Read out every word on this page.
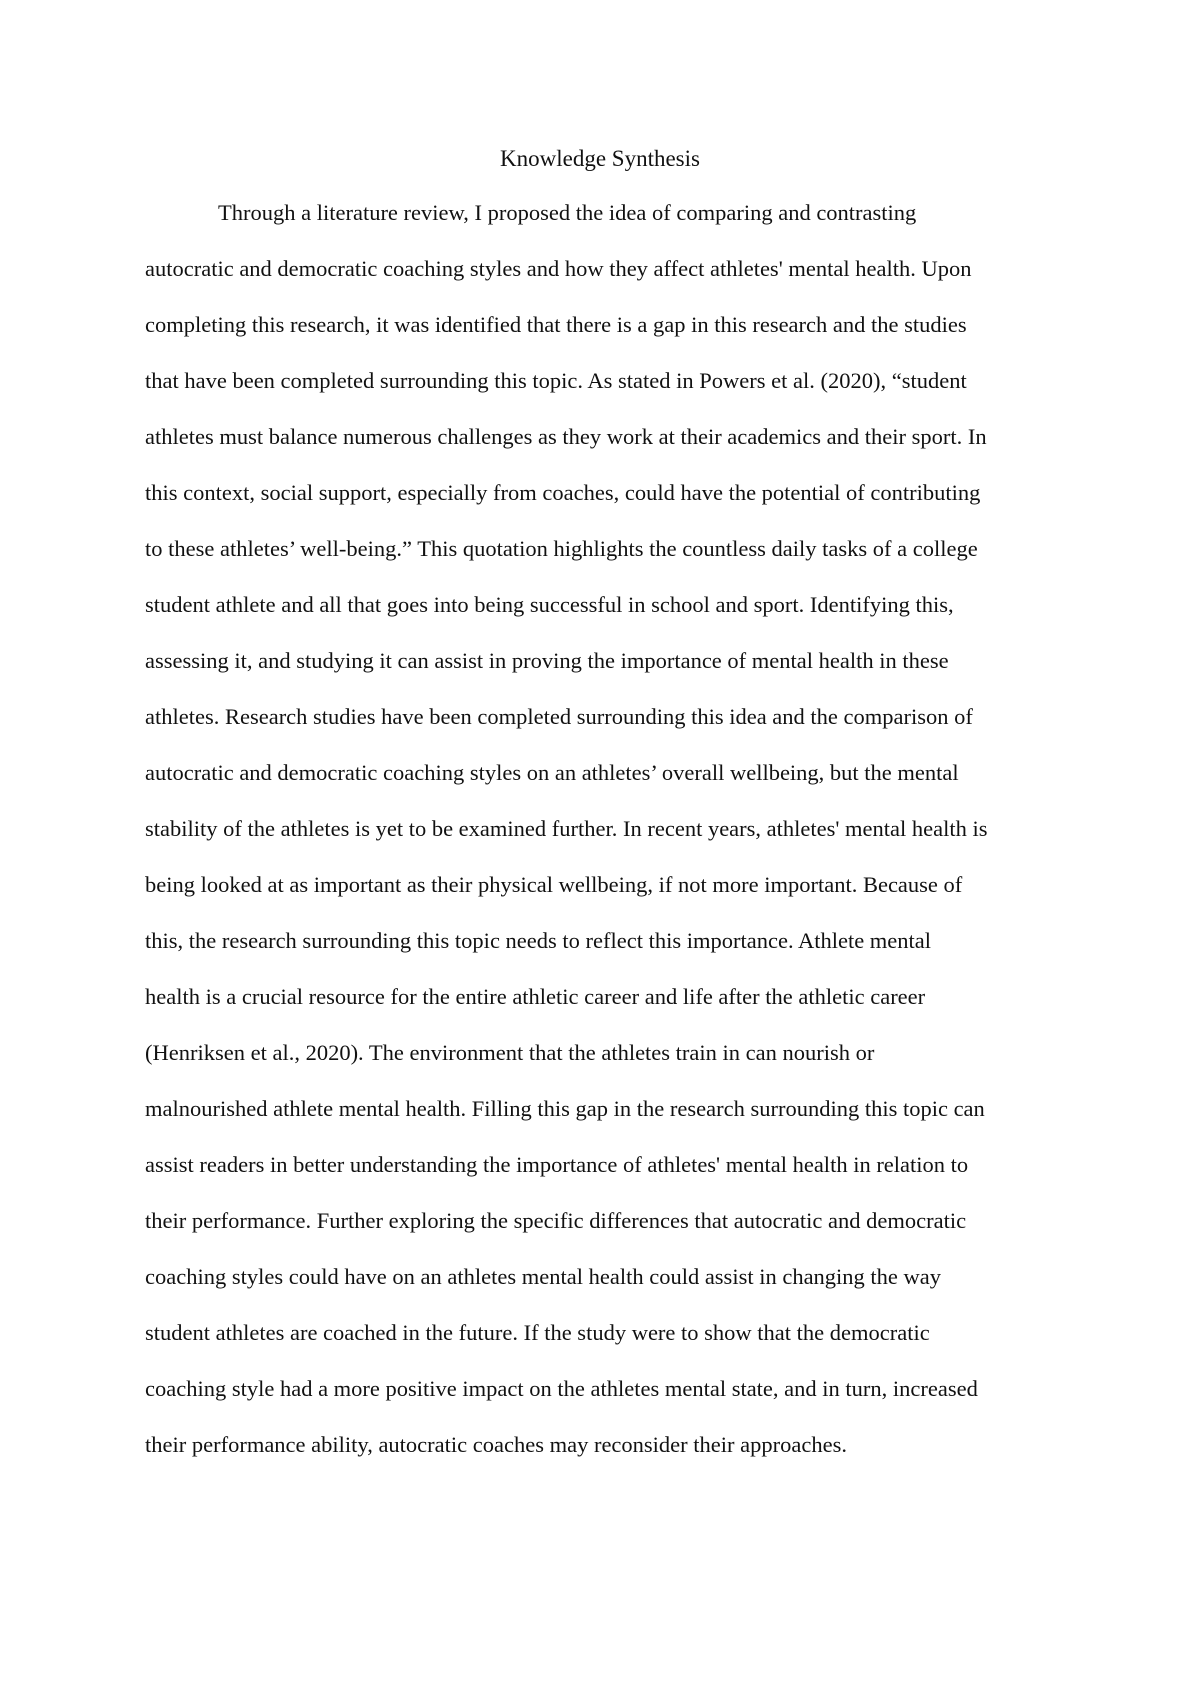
Knowledge Synthesis
Through a literature review, I proposed the idea of comparing and contrasting
autocratic and democratic coaching styles and how they affect athletes' mental health. Upon
completing this research, it was identified that there is a gap in this research and the studies
that have been completed surrounding this topic. As stated in Powers et al. (2020), “student
athletes must balance numerous challenges as they work at their academics and their sport. In
this context, social support, especially from coaches, could have the potential of contributing
to these athletes’ well-being.” This quotation highlights the countless daily tasks of a college
student athlete and all that goes into being successful in school and sport. Identifying this,
assessing it, and studying it can assist in proving the importance of mental health in these
athletes. Research studies have been completed surrounding this idea and the comparison of
autocratic and democratic coaching styles on an athletes’ overall wellbeing, but the mental
stability of the athletes is yet to be examined further. In recent years, athletes' mental health is
being looked at as important as their physical wellbeing, if not more important. Because of
this, the research surrounding this topic needs to reflect this importance. Athlete mental
health is a crucial resource for the entire athletic career and life after the athletic career
(Henriksen et al., 2020). The environment that the athletes train in can nourish or
malnourished athlete mental health. Filling this gap in the research surrounding this topic can
assist readers in better understanding the importance of athletes' mental health in relation to
their performance. Further exploring the specific differences that autocratic and democratic
coaching styles could have on an athletes mental health could assist in changing the way
student athletes are coached in the future. If the study were to show that the democratic
coaching style had a more positive impact on the athletes mental state, and in turn, increased
their performance ability, autocratic coaches may reconsider their approaches.
